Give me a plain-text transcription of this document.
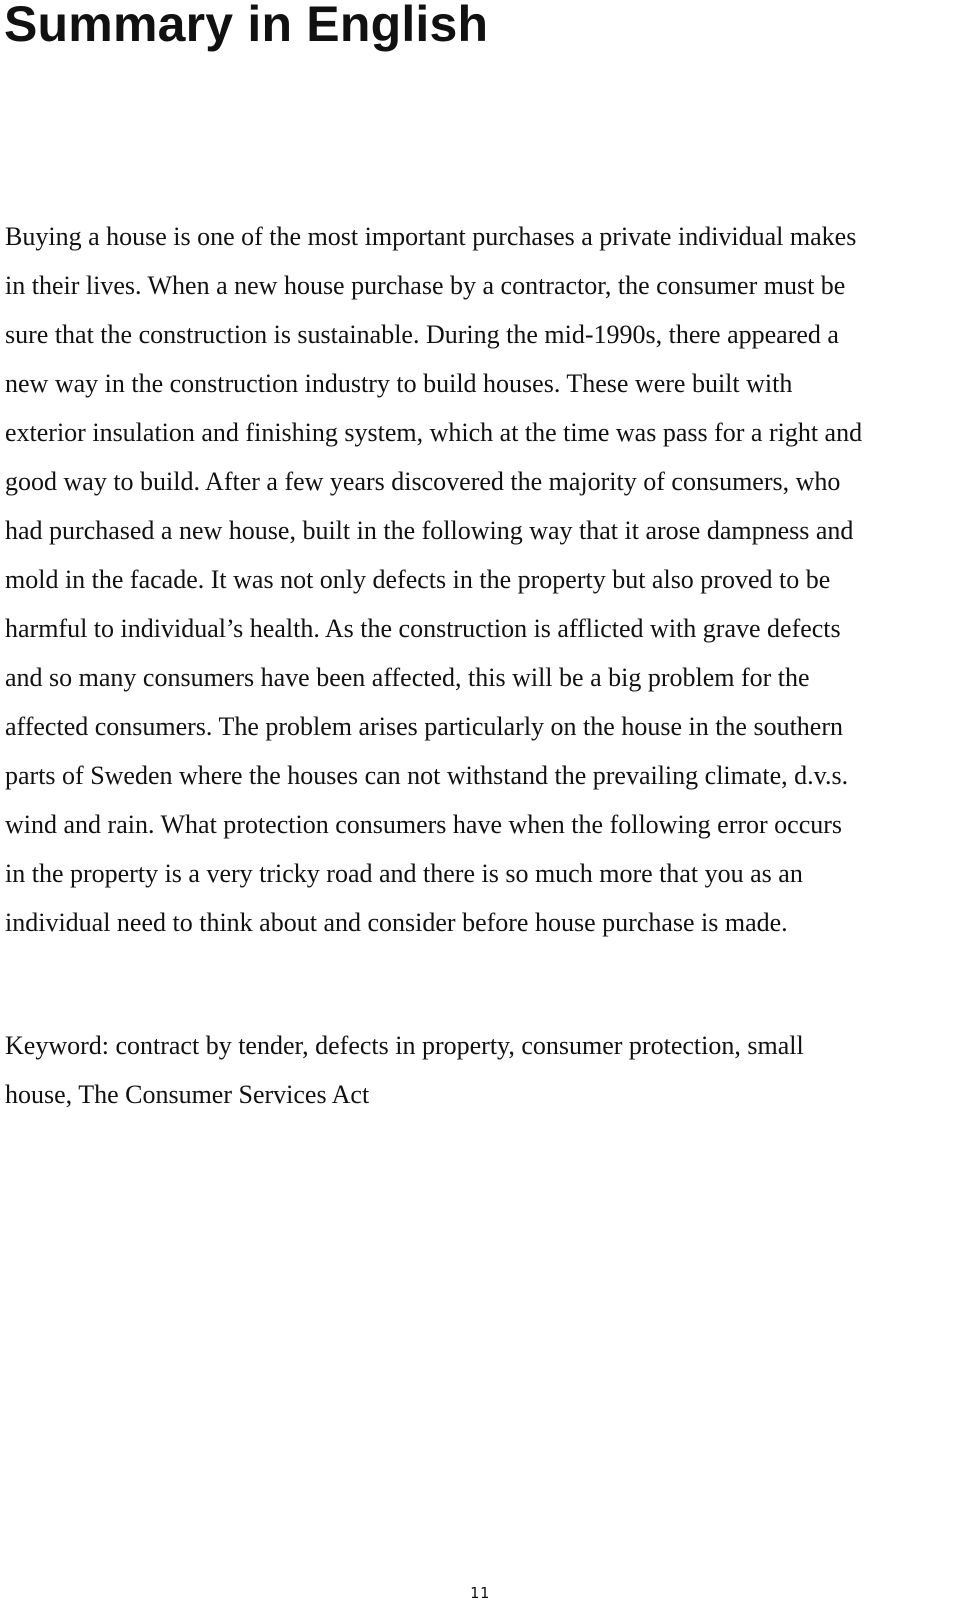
Summary in English

Buying a house is one of the most important purchases a private individual makes
in their lives. When a new house purchase by a contractor, the consumer must be
sure that the construction is sustainable. During the mid-1990s, there appeared a
new way in the construction industry to build houses. These were built with
exterior insulation and finishing system, which at the time was pass for a right and
good way to build. After a few years discovered the majority of consumers, who
had purchased a new house, built in the following way that it arose dampness and
mold in the facade. It was not only defects in the property but also proved to be
harmful to individual’s health. As the construction is afflicted with grave defects
and so many consumers have been affected, this will be a big problem for the
affected consumers. The problem arises particularly on the house in the southern
parts of Sweden where the houses can not withstand the prevailing climate, d.v.s.
wind and rain. What protection consumers have when the following error occurs
in the property is a very tricky road and there is so much more that you as an
individual need to think about and consider before house purchase is made.

Keyword: contract by tender, defects in property, consumer protection, small
house, The Consumer Services Act

11
